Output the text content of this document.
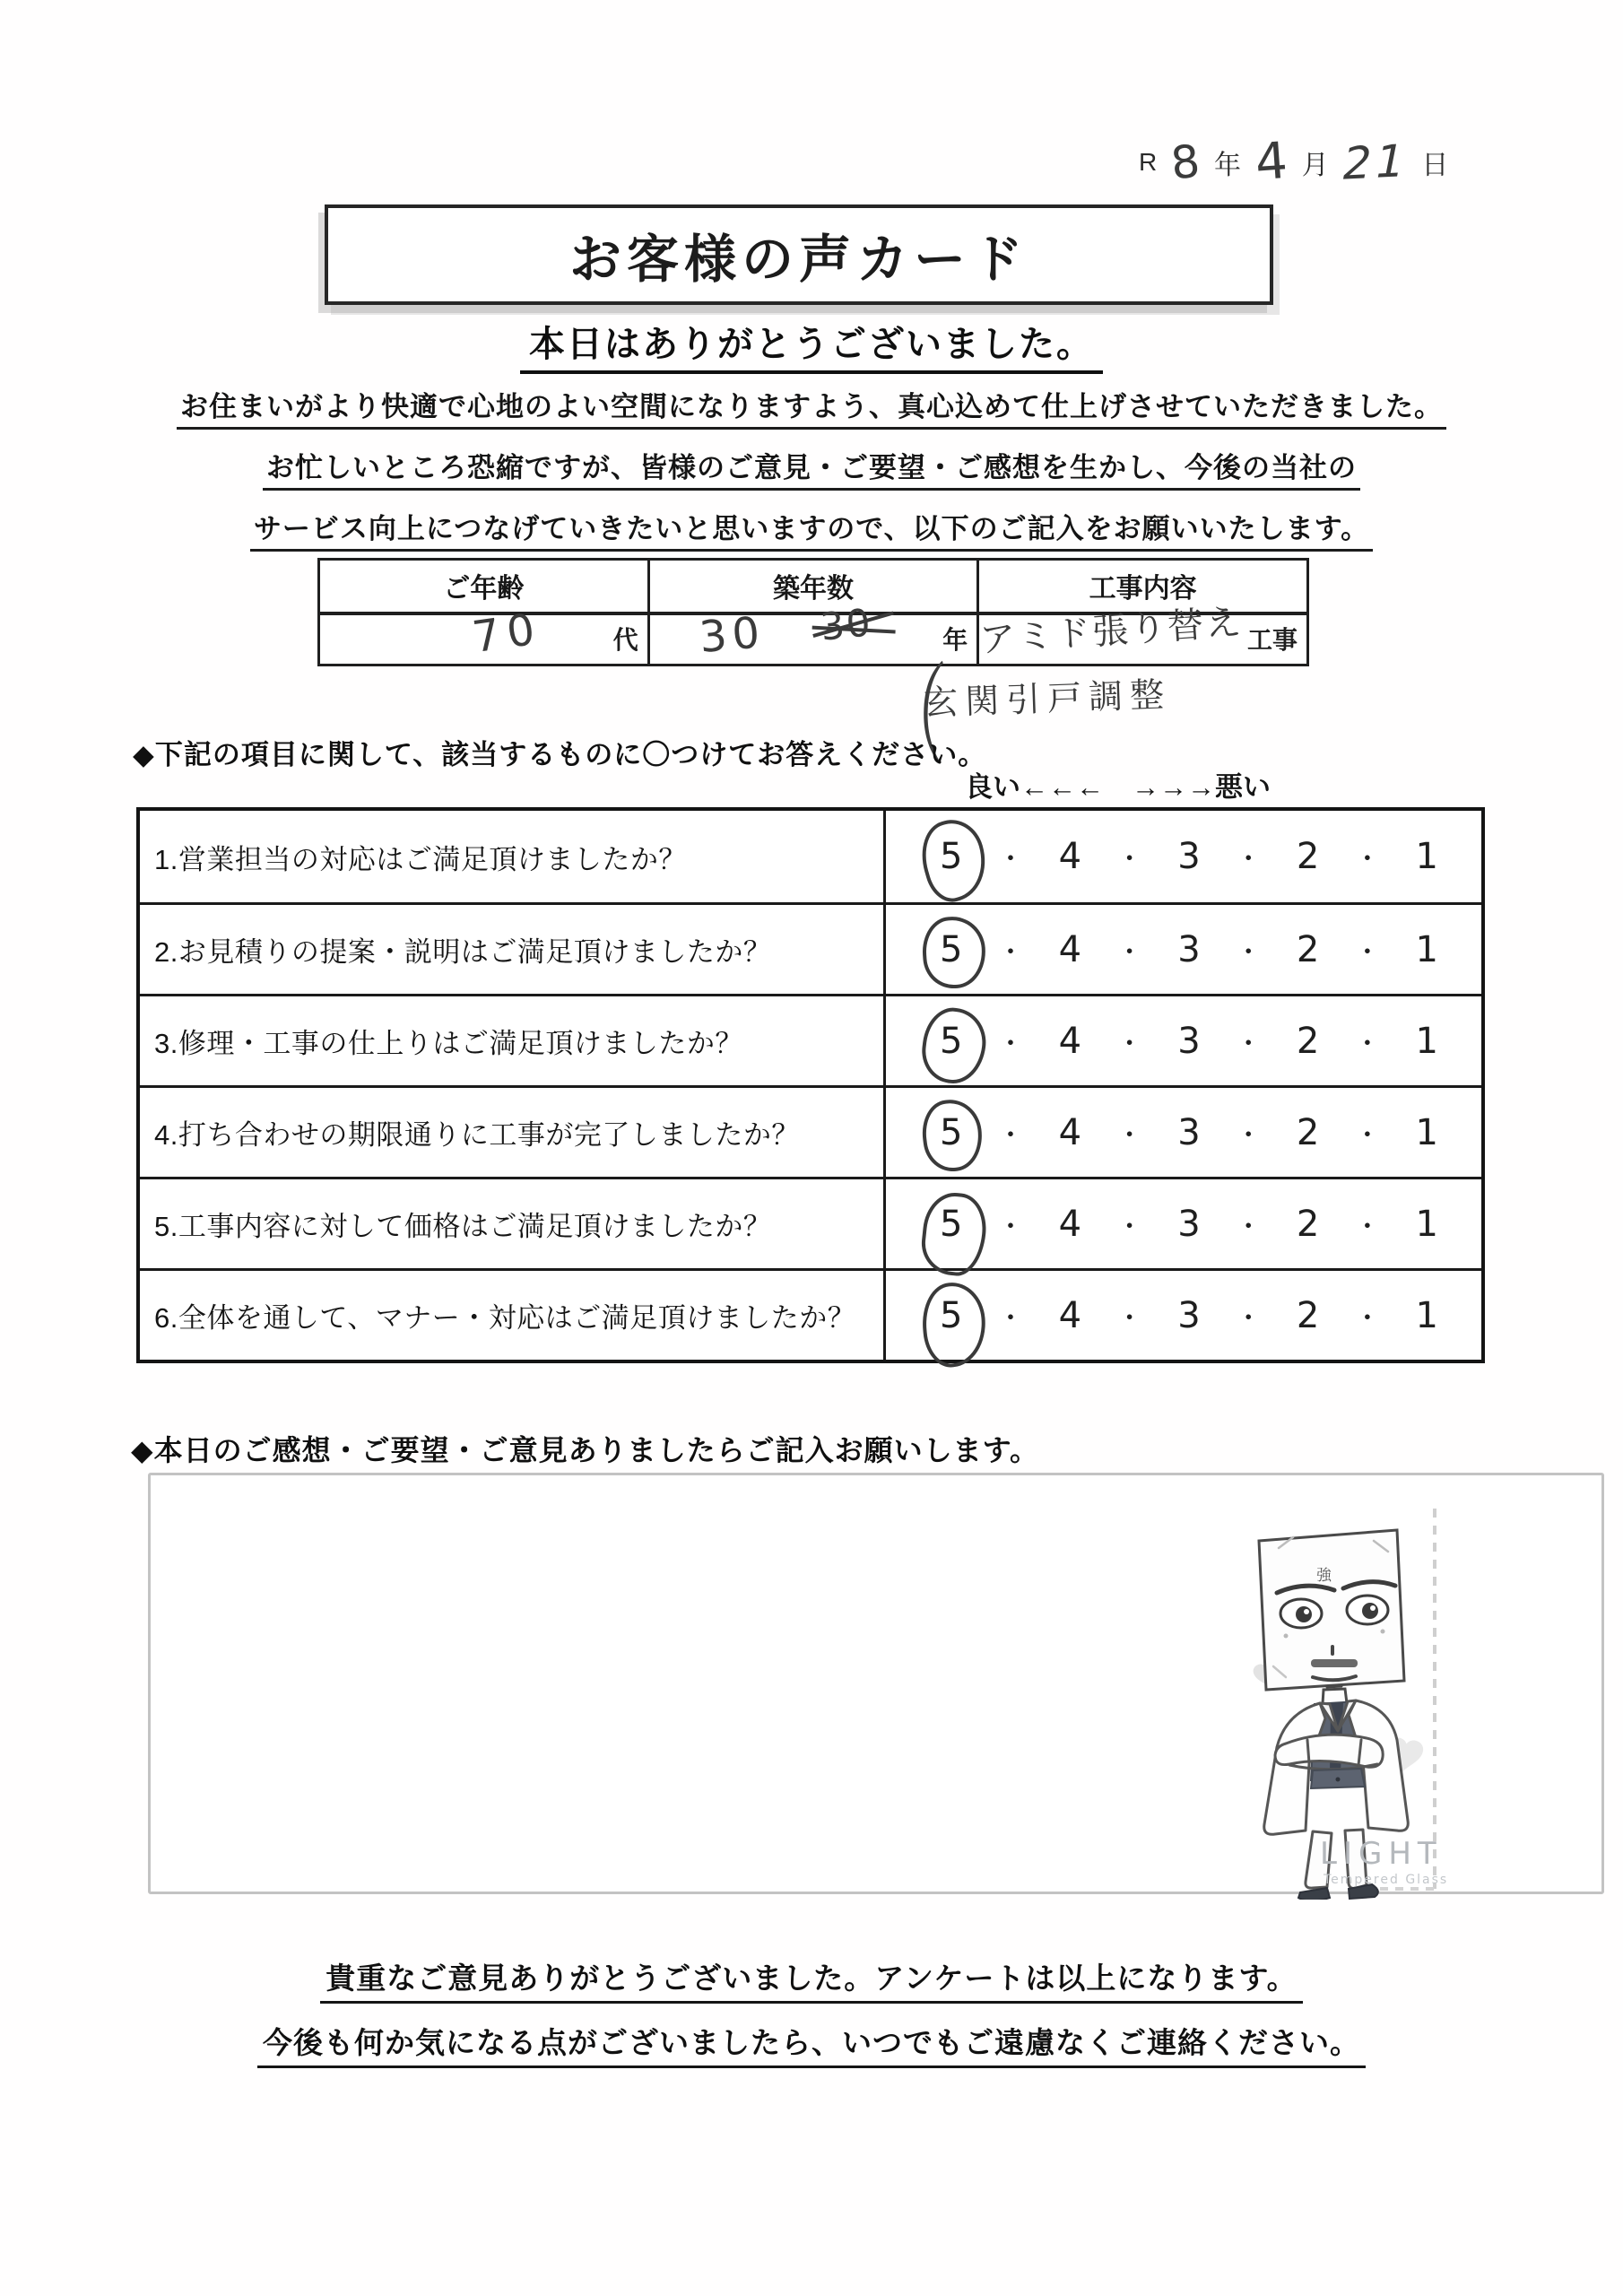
R 8 年 4 月 21 日
お客様の声カード
本日はありがとうございました。
お住まいがより快適で心地のよい空間になりますよう、真心込めて仕上げさせていただきました。
お忙しいところ恐縮ですが、皆様のご意見・ご要望・ご感想を生かし、今後の当社の
サービス向上につなげていきたいと思いますので、以下のご記入をお願いいたします。
ご年齢	築年数	工事内容

70 代	30 30 年	アミド張り替え 工事
（
玄関引戸調整
◆下記の項目に関して、該当するものに〇つけてお答えください。
良い←←←　→→→悪い
1.営業担当の対応はご満足頂けましたか？	5 ・ 4 ・ 3 ・ 2 ・ 1
2.お見積りの提案・説明はご満足頂けましたか？	5 ・ 4 ・ 3 ・ 2 ・ 1
3.修理・工事の仕上りはご満足頂けましたか？	5 ・ 4 ・ 3 ・ 2 ・ 1
4.打ち合わせの期限通りに工事が完了しましたか？	5 ・ 4 ・ 3 ・ 2 ・ 1
5.工事内容に対して価格はご満足頂けましたか？	5 ・ 4 ・ 3 ・ 2 ・ 1
6.全体を通して、マナー・対応はご満足頂けましたか？	5 ・ 4 ・ 3 ・ 2 ・ 1
◆本日のご感想・ご要望・ご意見ありましたらご記入お願いします。
強
LIGHT
Tempered Glass
貴重なご意見ありがとうございました。アンケートは以上になります。
今後も何か気になる点がございましたら、いつでもご遠慮なくご連絡ください。
